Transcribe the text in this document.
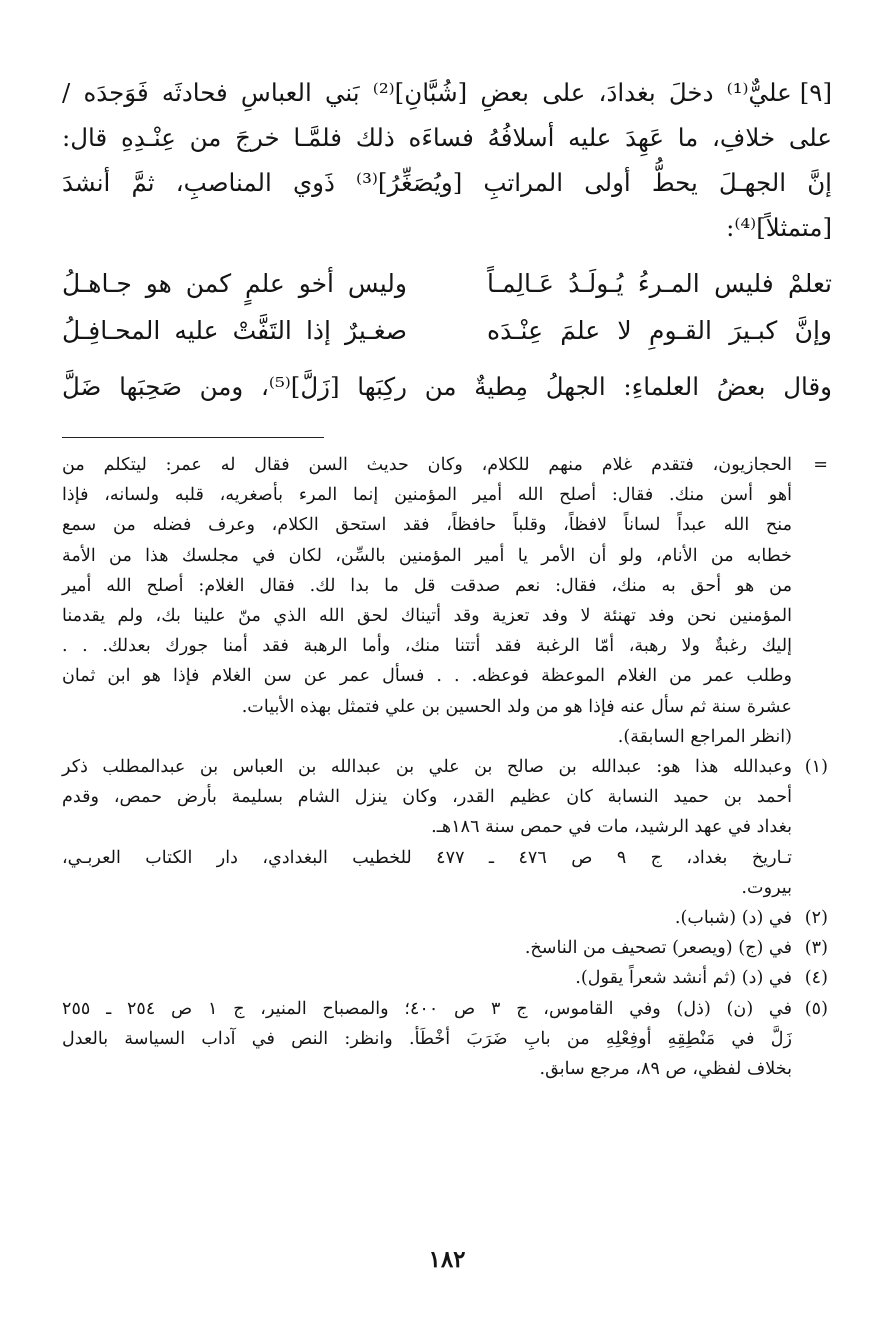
[٩]عليٌّ⁽¹⁾ دخلَ بغدادَ، على بعضِ [شُبَّانِ]⁽²⁾ بَني العباسِ فحادثَه فَوَجدَه /
على خلافِ، ما عَهِدَ عليه أسلافُهُ فساءَه ذلك فلمَّـا خرجَ من عِنْـدِهِ قال:
إنَّ الجهـلَ يحطُّ أولى المراتبِ [ويُصَغِّرُ]⁽³⁾ ذَوي المناصبِ، ثمَّ أنشدَ
[متمثلاً]⁽⁴⁾:
تعلمْ فليس المـرءُ يُـولَـدُ عَـالِمـاً
وليس أخو علمٍ كمن هو جـاهـلُ
وإنَّ كبـيرَ القـومِ لا علمَ عِنْـدَه
صغـيرٌ إذا التَفَّتْ عليه المحـافِـلُ
وقال بعضُ العلماءِ: الجهلُ مِطيةٌ من ركِبَها [زَلَّ]⁽⁵⁾، ومن صَحِبَها ضَلَّ
=
الحجازيون، فتقدم غلام منهم للكلام، وكان حديث السن فقال له عمر: ليتكلم من
أهو أسن منك. فقال: أصلح الله أمير المؤمنين إنما المرء بأصغريه، قلبه ولسانه، فإذا
منح الله عبداً لساناً لافظاً، وقلباً حافظاً، فقد استحق الكلام، وعرف فضله من سمع
خطابه من الأنام، ولو أن الأمر يا أمير المؤمنين بالسِّن، لكان في مجلسك هذا من الأمة
من هو أحق به منك، فقال: نعم صدقت قل ما بدا لك. فقال الغلام: أصلح الله أمير
المؤمنين نحن وفد تهنئة لا وفد تعزية وقد أتيناك لحق الله الذي منّ علينا بك، ولم يقدمنا
إليك رغبةٌ ولا رهبة، أمّا الرغبة فقد أتتنا منك، وأما الرهبة فقد أمنا جورك بعدلك. . .
وطلب عمر من الغلام الموعظة فوعظه. . . فسأل عمر عن سن الغلام فإذا هو ابن ثمان
عشرة سنة ثم سأل عنه فإذا هو من ولد الحسين بن علي فتمثل بهذه الأبيات.
(انظر المراجع السابقة).
(١)
وعبدالله هذا هو: عبدالله بن صالح بن علي بن عبدالله بن العباس بن عبدالمطلب ذكر
أحمد بن حميد النسابة كان عظيم القدر، وكان ينزل الشام بسليمة بأرض حمص، وقدم
بغداد في عهد الرشيد، مات في حمص سنة ١٨٦هـ.
تـاريخ بغداد، ج ٩ ص ٤٧٦ ـ ٤٧٧ للخطيب البغدادي، دار الكتاب العربـي،
بيروت.
(٢)
في (د) (شباب).
(٣)
في (ج) (ويصعر) تصحيف من الناسخ.
(٤)
في (د) (ثم أنشد شعراً يقول).
(٥)
في (ن) (ذل) وفي القاموس، ج ٣ ص ٤٠٠؛ والمصباح المنير، ج ١ ص ٢٥٤ ـ ٢٥٥
زَلَّ في مَنْطِقِهِ أوفِعْلِهِ من بابِ ضَرَبَ أخْطَأ. وانظر: النص في آداب السياسة بالعدل
بخلاف لفظي، ص ٨٩، مرجع سابق.
١٨٢
